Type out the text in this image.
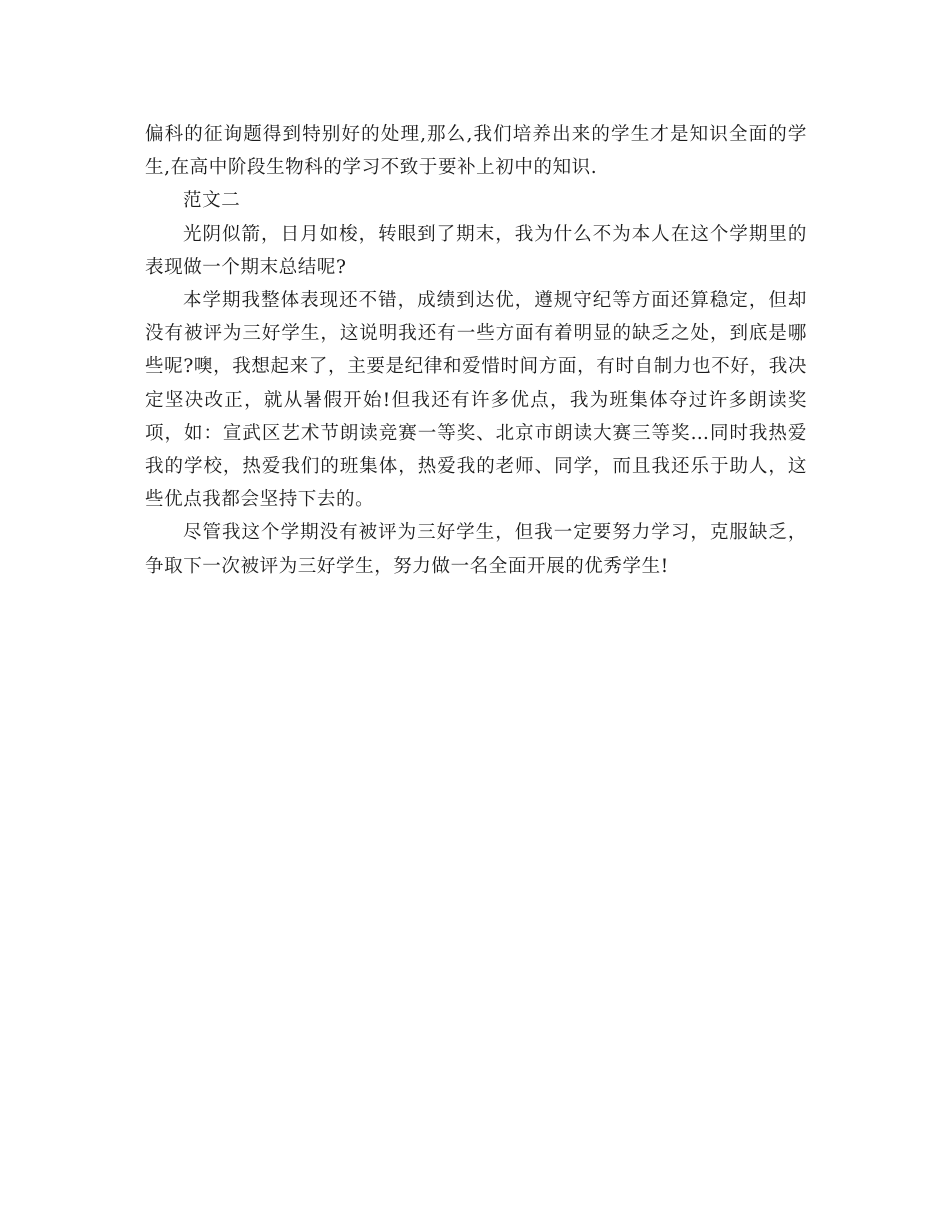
偏科的征询题得到特别好的处理,那么,我们培养出来的学生才是知识全面的学生,在高中阶段生物科的学习不致于要补上初中的知识.

范文二

光阴似箭，日月如梭，转眼到了期末，我为什么不为本人在这个学期里的表现做一个期末总结呢?

本学期我整体表现还不错，成绩到达优，遵规守纪等方面还算稳定，但却没有被评为三好学生，这说明我还有一些方面有着明显的缺乏之处，到底是哪些呢?噢，我想起来了，主要是纪律和爱惜时间方面，有时自制力也不好，我决定坚决改正，就从暑假开始!但我还有许多优点，我为班集体夺过许多朗读奖项，如：宣武区艺术节朗读竞赛一等奖、北京市朗读大赛三等奖…同时我热爱我的学校，热爱我们的班集体，热爱我的老师、同学，而且我还乐于助人，这些优点我都会坚持下去的。

尽管我这个学期没有被评为三好学生，但我一定要努力学习，克服缺乏，争取下一次被评为三好学生，努力做一名全面开展的优秀学生!
